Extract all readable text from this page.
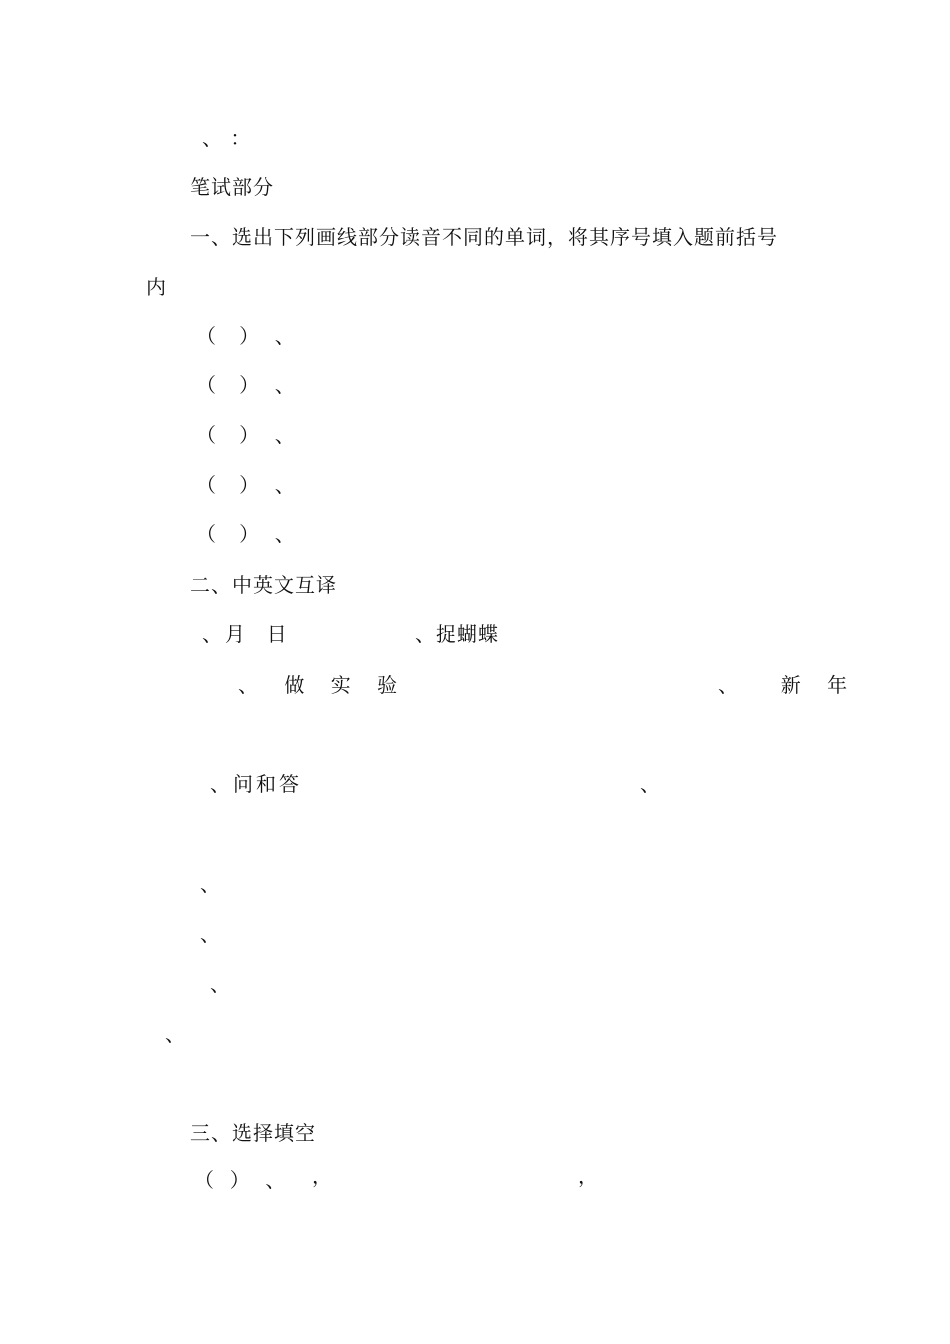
、 ：
笔试部分
一、选出下列画线部分读音不同的单词，将其序号填入题前括号
内
（   ）  、
（   ）  、
（   ）  、
（   ）  、
（   ）  、
二、中英文互译
、月  日	、捉蝴蝶
、 做 实 验	、  新 年
、问和答	、
、
、
、
、
三、选择填空
（  ）  、 ，	，
